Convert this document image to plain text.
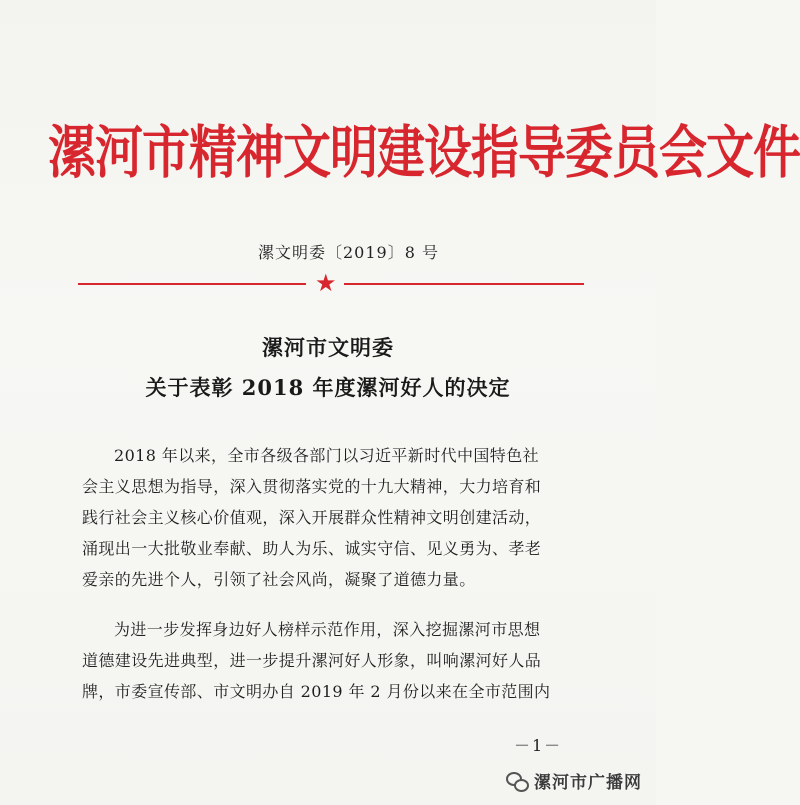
漯河市精神文明建设指导委员会文件
漯文明委〔2019〕8 号
★
漯河市文明委
关于表彰 2018 年度漯河好人的决定
2018 年以来，全市各级各部门以习近平新时代中国特色社
会主义思想为指导，深入贯彻落实党的十九大精神，大力培育和
践行社会主义核心价值观，深入开展群众性精神文明创建活动，
涌现出一大批敬业奉献、助人为乐、诚实守信、见义勇为、孝老
爱亲的先进个人，引领了社会风尚，凝聚了道德力量。
为进一步发挥身边好人榜样示范作用，深入挖掘漯河市思想
道德建设先进典型，进一步提升漯河好人形象，叫响漯河好人品
牌，市委宣传部、市文明办自 2019 年 2 月份以来在全市范围内
－1－
漯河市广播网
